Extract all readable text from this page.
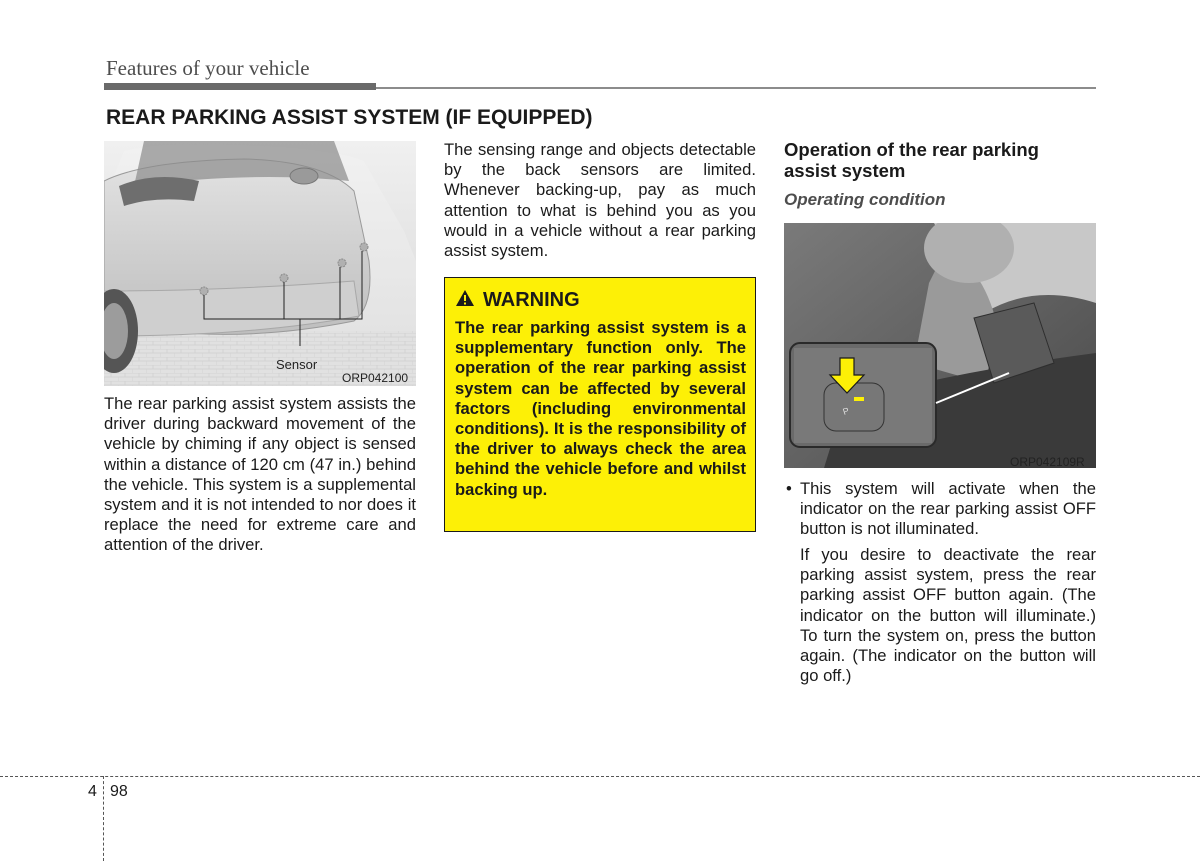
Features of your vehicle
REAR PARKING ASSIST SYSTEM (IF EQUIPPED)
Sensor
ORP042100

The rear parking assist system assists the driver during backward movement of the vehicle by chiming if any object is sensed within a distance of 120 cm (47 in.) behind the vehicle. This system is a supplemental system and it is not intended to nor does it replace the need for extreme care and attention of the driver.

The sensing range and objects detectable by the back sensors are limited. Whenever backing-up, pay as much attention to what is behind you as you would in a vehicle without a rear parking assist system.

WARNING

The rear parking assist system is a supplementary function only. The operation of the rear parking assist system can be affected by several factors (including environmental conditions). It is the responsibility of the driver to always check the area behind the vehicle before and whilst backing up.

Operation of the rear parking assist system
Operating condition
P
ORP042109R
• This system will activate when the indicator on the rear parking assist OFF button is not illuminated.

If you desire to deactivate the rear parking assist system, press the rear parking assist OFF button again. (The indicator on the button will illuminate.) To turn the system on, press the button again. (The indicator on the button will go off.)

4 98
